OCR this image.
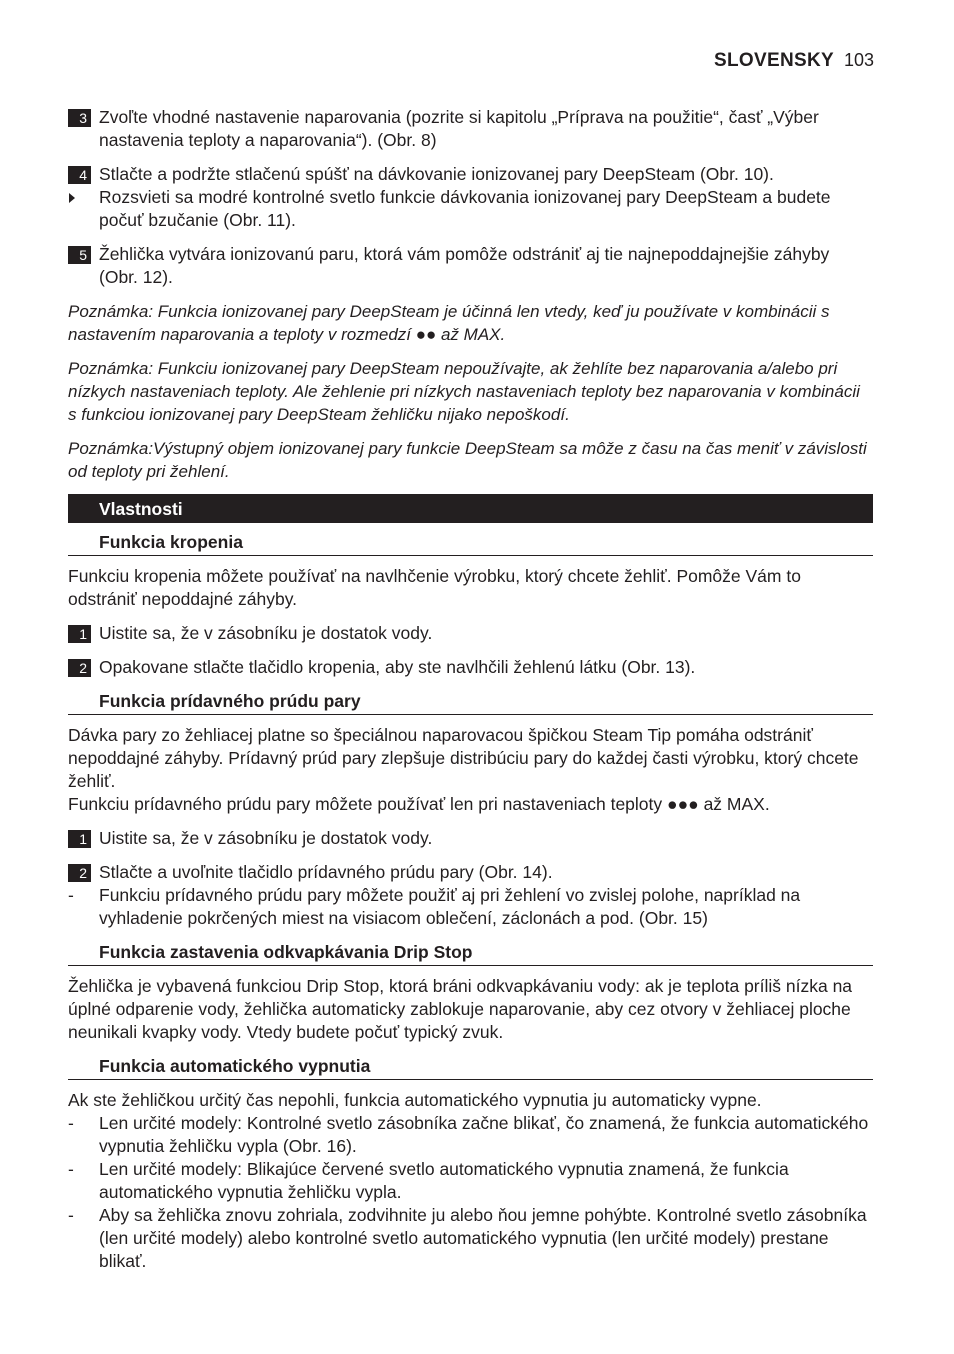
SLOVENSKY 103
3 Zvoľte vhodné nastavenie naparovania (pozrite si kapitolu „Príprava na použitie“, časť „Výber nastavenia teploty a naparovania“). (Obr. 8)
4 Stlačte a podržte stlačenú spúšť na dávkovanie ionizovanej pary DeepSteam (Obr. 10).
Rozsvieti sa modré kontrolné svetlo funkcie dávkovania ionizovanej pary DeepSteam a budete počuť bzučanie (Obr. 11).
5 Žehlička vytvára ionizovanú paru, ktorá vám pomôže odstrániť aj tie najnepoddajnejšie záhyby (Obr. 12).
Poznámka: Funkcia ionizovanej pary DeepSteam je účinná len vtedy, keď ju používate v kombinácii s nastavením naparovania a teploty v rozmedzí ●● až MAX.
Poznámka: Funkciu ionizovanej pary DeepSteam nepoužívajte, ak žehlíte bez naparovania a/alebo pri nízkych nastaveniach teploty. Ale žehlenie pri nízkych nastaveniach teploty bez naparovania v kombinácii s funkciou ionizovanej pary DeepSteam žehličku nijako nepoškodí.
Poznámka:Výstupný objem ionizovanej pary funkcie DeepSteam sa môže z času na čas meniť v závislosti od teploty pri žehlení.
Vlastnosti
Funkcia kropenia
Funkciu kropenia môžete používať na navlhčenie výrobku, ktorý chcete žehliť. Pomôže Vám to odstrániť nepoddajné záhyby.
1 Uistite sa, že v zásobníku je dostatok vody.
2 Opakovane stlačte tlačidlo kropenia, aby ste navlhčili žehlenú látku (Obr. 13).
Funkcia prídavného prúdu pary
Dávka pary zo žehliacej platne so špeciálnou naparovacou špičkou Steam Tip pomáha odstrániť nepoddajné záhyby. Prídavný prúd pary zlepšuje distribúciu pary do každej časti výrobku, ktorý chcete žehliť.
Funkciu prídavného prúdu pary môžete používať len pri nastaveniach teploty ●●● až MAX.
1 Uistite sa, že v zásobníku je dostatok vody.
2 Stlačte a uvoľnite tlačidlo prídavného prúdu pary (Obr. 14).
- Funkciu prídavného prúdu pary môžete použiť aj pri žehlení vo zvislej polohe, napríklad na vyhladenie pokrčených miest na visiacom oblečení, záclonách a pod. (Obr. 15)
Funkcia zastavenia odkvapkávania Drip Stop
Žehlička je vybavená funkciou Drip Stop, ktorá bráni odkvapkávaniu vody: ak je teplota príliš nízka na úplné odparenie vody, žehlička automaticky zablokuje naparovanie, aby cez otvory v žehliacej ploche neunikali kvapky vody. Vtedy budete počuť typický zvuk.
Funkcia automatického vypnutia
Ak ste žehličkou určitý čas nepohli, funkcia automatického vypnutia ju automaticky vypne.
- Len určité modely: Kontrolné svetlo zásobníka začne blikať, čo znamená, že funkcia automatického vypnutia žehličku vypla (Obr. 16).
- Len určité modely: Blikajúce červené svetlo automatického vypnutia znamená, že funkcia automatického vypnutia žehličku vypla.
- Aby sa žehlička znovu zohriala, zodvihnite ju alebo ňou jemne pohýbte. Kontrolné svetlo zásobníka (len určité modely) alebo kontrolné svetlo automatického vypnutia (len určité modely) prestane blikať.
